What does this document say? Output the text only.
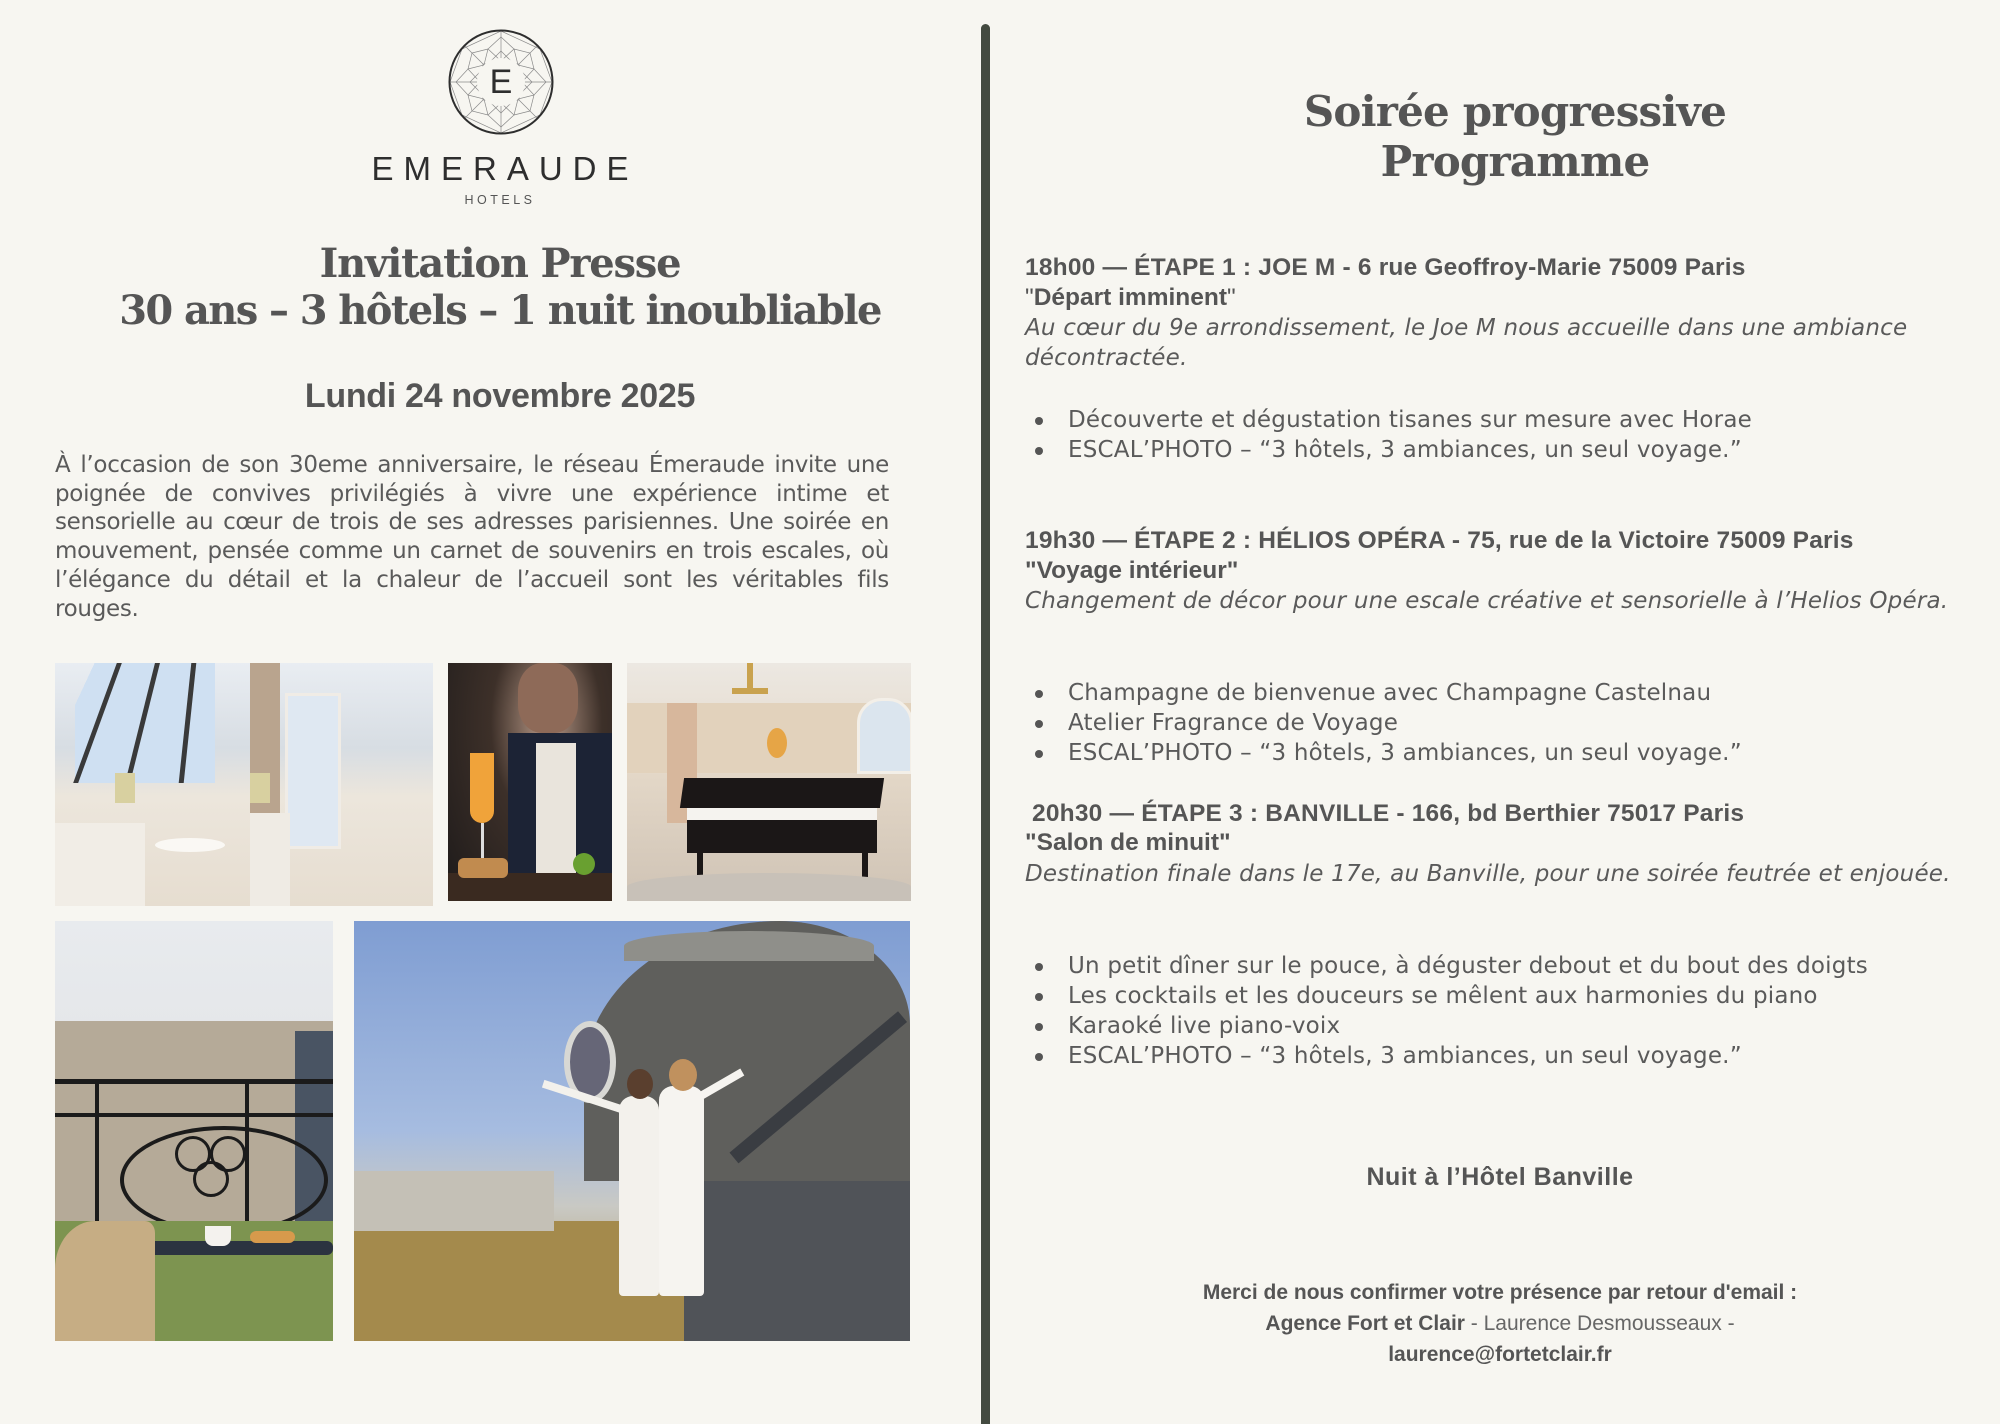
E
EMERAUDE
HOTELS
Invitation Presse
30 ans – 3 hôtels – 1 nuit inoubliable
Lundi 24 novembre 2025
À l’occasion de son 30eme anniversaire, le réseau Émeraude invite une poignée de convives privilégiés à vivre une expérience intime et sensorielle au cœur de trois de ses adresses parisiennes. Une soirée en mouvement, pensée comme un carnet de souvenirs en trois escales, où l’élégance du détail et la chaleur de l’accueil sont les véritables fils rouges.
Soirée progressive
Programme
18h00 — ÉTAPE 1 : JOE M - 6 rue Geoffroy-Marie 75009 Paris
"Départ imminent"
Au cœur du 9e arrondissement, le Joe M nous accueille dans une ambiance décontractée.
Découverte et dégustation tisanes sur mesure avec Horae
ESCAL’PHOTO – “3 hôtels, 3 ambiances, un seul voyage.”
19h30 — ÉTAPE 2 : HÉLIOS OPÉRA - 75, rue de la Victoire 75009 Paris
"Voyage intérieur"
Changement de décor pour une escale créative et sensorielle à l’Helios Opéra.
Champagne de bienvenue avec Champagne Castelnau
Atelier Fragrance de Voyage
ESCAL’PHOTO – “3 hôtels, 3 ambiances, un seul voyage.”
20h30 — ÉTAPE 3 : BANVILLE - 166, bd Berthier 75017 Paris
"Salon de minuit"
Destination finale dans le 17e, au Banville, pour une soirée feutrée et enjouée.
Un petit dîner sur le pouce, à déguster debout et du bout des doigts
Les cocktails et les douceurs se mêlent aux harmonies du piano
Karaoké live piano-voix
ESCAL’PHOTO – “3 hôtels, 3 ambiances, un seul voyage.”
Nuit à l’Hôtel Banville
Merci de nous confirmer votre présence par retour d'email :
Agence Fort et Clair - Laurence Desmousseaux -
laurence@fortetclair.fr
